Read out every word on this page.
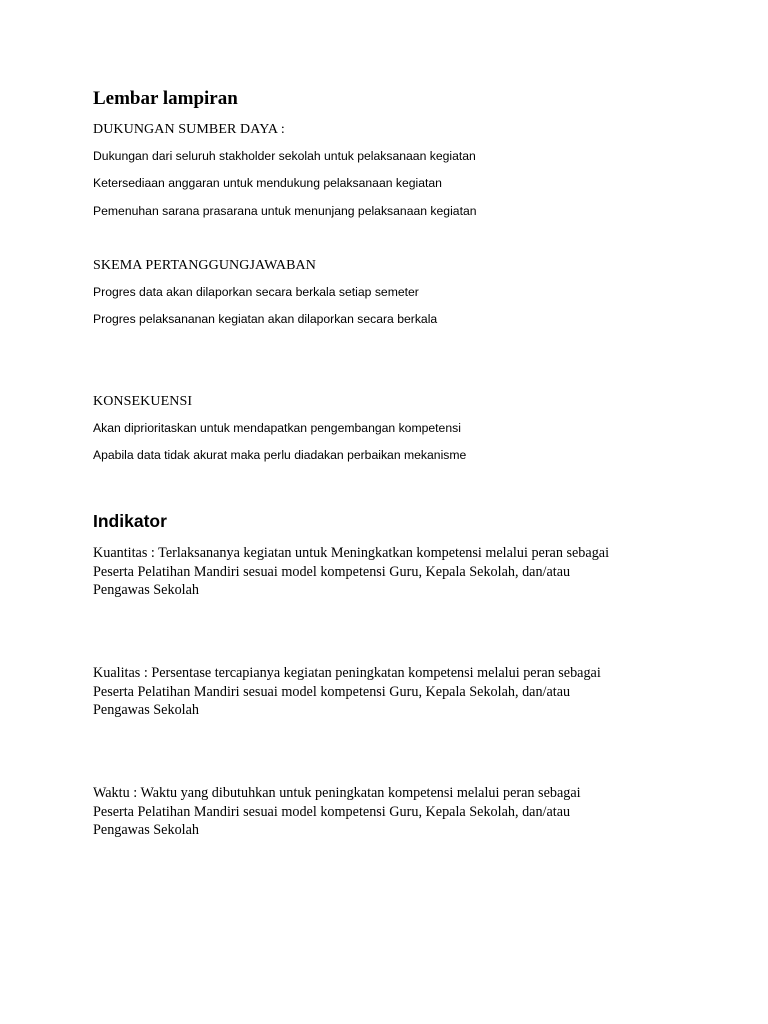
Lembar lampiran

DUKUNGAN SUMBER DAYA :

Dukungan dari seluruh stakholder sekolah untuk pelaksanaan kegiatan

Ketersediaan anggaran untuk mendukung pelaksanaan kegiatan

Pemenuhan sarana prasarana untuk menunjang pelaksanaan kegiatan

SKEMA PERTANGGUNGJAWABAN

Progres data akan dilaporkan secara berkala setiap semeter

Progres pelaksananan kegiatan akan dilaporkan secara berkala

KONSEKUENSI

Akan diprioritaskan untuk mendapatkan pengembangan kompetensi

Apabila data tidak akurat maka perlu diadakan perbaikan mekanisme

Indikator
Kuantitas : Terlaksananya kegiatan untuk Meningkatkan kompetensi melalui peran sebagai
Peserta Pelatihan Mandiri sesuai model kompetensi Guru, Kepala Sekolah, dan/atau
Pengawas Sekolah
Kualitas : Persentase tercapianya kegiatan peningkatan kompetensi melalui peran sebagai
Peserta Pelatihan Mandiri sesuai model kompetensi Guru, Kepala Sekolah, dan/atau
Pengawas Sekolah
Waktu : Waktu yang dibutuhkan untuk peningkatan kompetensi melalui peran sebagai
Peserta Pelatihan Mandiri sesuai model kompetensi Guru, Kepala Sekolah, dan/atau
Pengawas Sekolah
